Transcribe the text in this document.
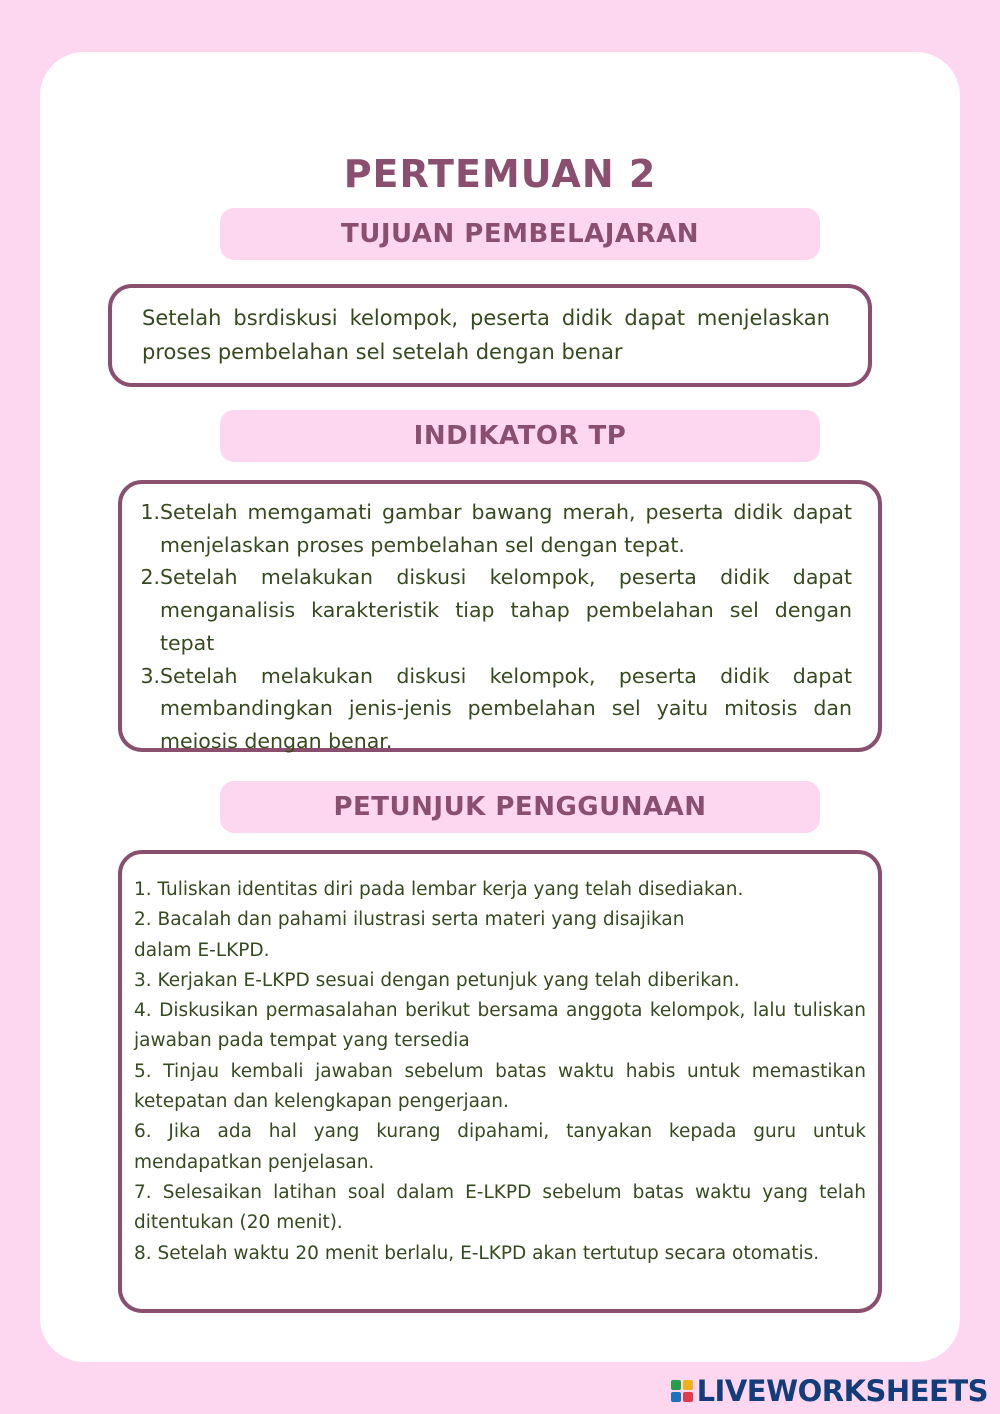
PERTEMUAN 2
TUJUAN PEMBELAJARAN
INDIKATOR TP
PETUNJUK PENGGUNAAN

Setelah bsrdiskusi kelompok, peserta didik dapat menjelaskan proses pembelahan sel setelah dengan benar

1. Setelah memgamati gambar bawang merah, peserta didik dapat menjelaskan proses pembelahan sel dengan tepat.
2. Setelah melakukan diskusi kelompok, peserta didik dapat menganalisis karakteristik tiap tahap pembelahan sel dengan tepat
3. Setelah melakukan diskusi kelompok, peserta didik dapat membandingkan jenis-jenis pembelahan sel yaitu mitosis dan meiosis dengan benar.

1. Tuliskan identitas diri pada lembar kerja yang telah disediakan.

2. Bacalah dan pahami ilustrasi serta materi yang disajikan

dalam E-LKPD.

3. Kerjakan E-LKPD sesuai dengan petunjuk yang telah diberikan.

4. Diskusikan permasalahan berikut bersama anggota kelompok, lalu tuliskan jawaban pada tempat yang tersedia

5. Tinjau kembali jawaban sebelum batas waktu habis untuk memastikan ketepatan dan kelengkapan pengerjaan.

6. Jika ada hal yang kurang dipahami, tanyakan kepada guru untuk mendapatkan penjelasan.

7. Selesaikan latihan soal dalam E-LKPD sebelum batas waktu yang telah ditentukan (20 menit).

8. Setelah waktu 20 menit berlalu, E-LKPD akan tertutup secara otomatis.

LIVEWORKSHEETS
